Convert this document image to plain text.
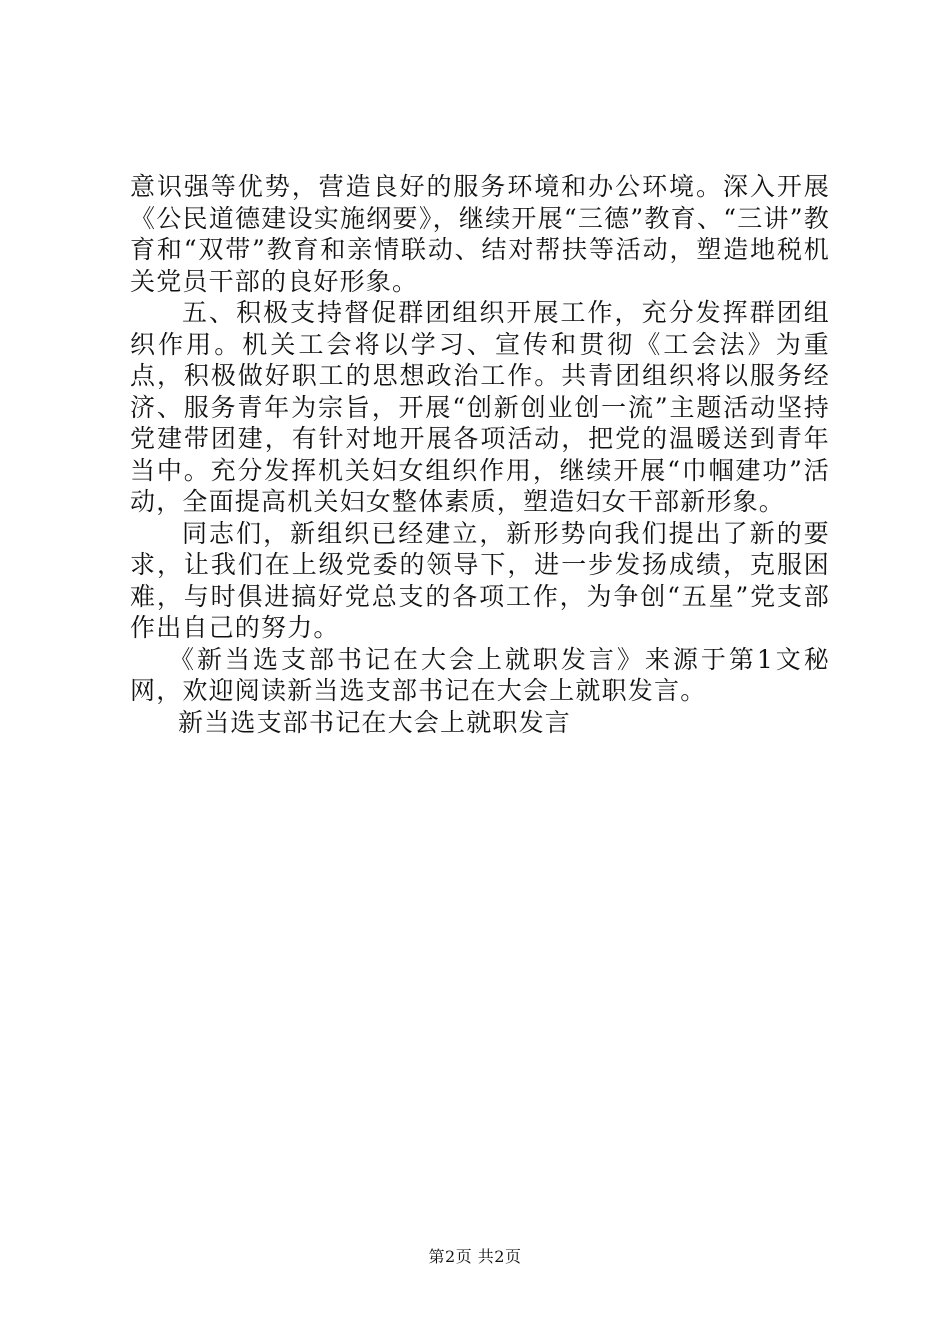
意识强等优势，营造良好的服务环境和办公环境。深入开展《公民道德建设实施纲要》，继续开展“三德”教育、“三讲”教育和“双带”教育和亲情联动、结对帮扶等活动，塑造地税机关党员干部的良好形象。

五、积极支持督促群团组织开展工作，充分发挥群团组织作用。机关工会将以学习、宣传和贯彻《工会法》为重点，积极做好职工的思想政治工作。共青团组织将以服务经济、服务青年为宗旨，开展“创新创业创一流”主题活动坚持党建带团建，有针对地开展各项活动，把党的温暖送到青年当中。充分发挥机关妇女组织作用，继续开展“巾帼建功”活动，全面提高机关妇女整体素质，塑造妇女干部新形象。

同志们，新组织已经建立，新形势向我们提出了新的要求，让我们在上级党委的领导下，进一步发扬成绩，克服困难，与时俱进搞好党总支的各项工作，为争创“五星”党支部作出自己的努力。

《新当选支部书记在大会上就职发言》来源于第1文秘网，欢迎阅读新当选支部书记在大会上就职发言。

新当选支部书记在大会上就职发言

第2页 共2页
